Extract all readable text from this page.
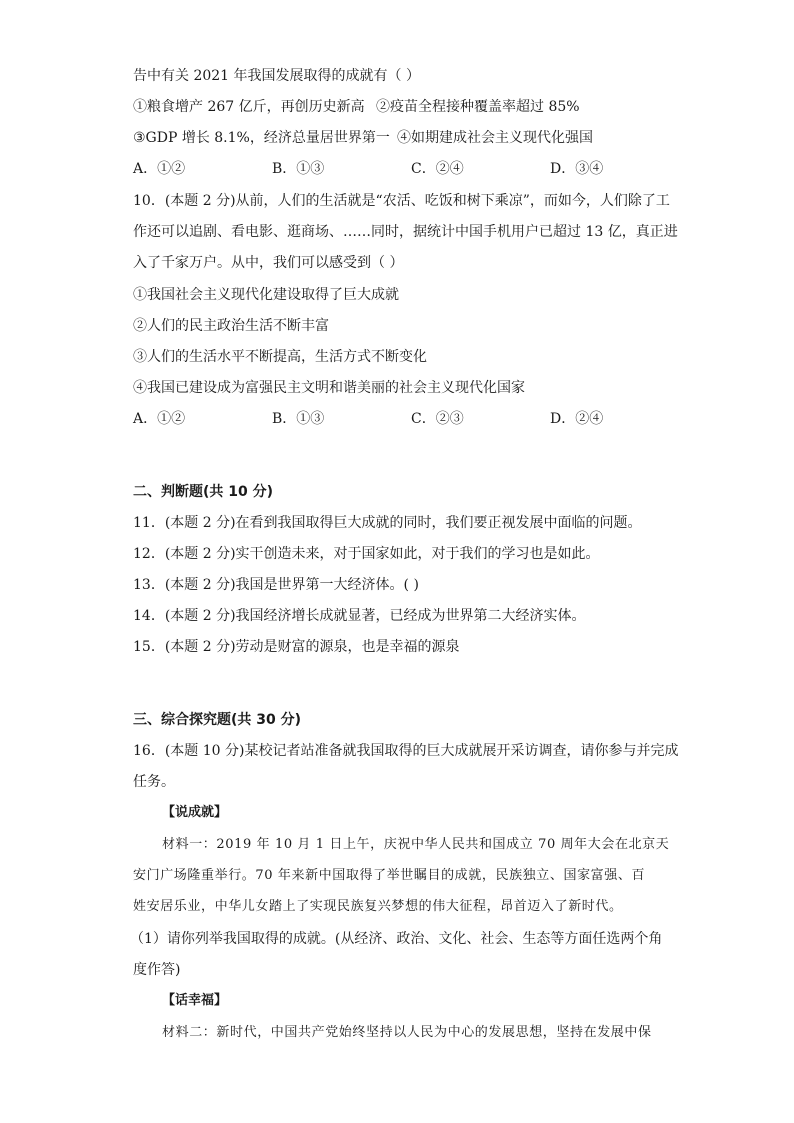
告中有关 2021 年我国发展取得的成就有（ ）
①粮食增产 267 亿斤，再创历史新高 ②疫苗全程接种覆盖率超过 85%
③GDP 增长 8.1%，经济总量居世界第一 ④如期建成社会主义现代化强国
A．①②	B．①③	C．②④	D．③④
10．(本题 2 分)从前，人们的生活就是“农活、吃饭和树下乘凉”，而如今，人们除了工
作还可以追剧、看电影、逛商场、……同时，据统计中国手机用户已超过 13 亿，真正进
入了千家万户。从中，我们可以感受到（ ）
①我国社会主义现代化建设取得了巨大成就
②人们的民主政治生活不断丰富
③人们的生活水平不断提高，生活方式不断变化
④我国已建设成为富强民主文明和谐美丽的社会主义现代化国家
A．①②	B．①③	C．②③	D．②④
二、判断题(共 10 分)
11．(本题 2 分)在看到我国取得巨大成就的同时，我们要正视发展中面临的问题。
12．(本题 2 分)实干创造未来，对于国家如此，对于我们的学习也是如此。
13．(本题 2 分)我国是世界第一大经济体。( )
14．(本题 2 分)我国经济增长成就显著，已经成为世界第二大经济实体。
15．(本题 2 分)劳动是财富的源泉，也是幸福的源泉
三、综合探究题(共 30 分)
16．(本题 10 分)某校记者站准备就我国取得的巨大成就展开采访调查，请你参与并完成
任务。
【说成就】
材料一：2019 年 10 月 1 日上午，庆祝中华人民共和国成立 70 周年大会在北京天
安门广场隆重举行。70 年来新中国取得了举世瞩目的成就，民族独立、国家富强、百
姓安居乐业，中华儿女踏上了实现民族复兴梦想的伟大征程，昂首迈入了新时代。
（1）请你列举我国取得的成就。(从经济、政治、文化、社会、生态等方面任选两个角
度作答)
【话幸福】
材料二：新时代，中国共产党始终坚持以人民为中心的发展思想，坚持在发展中保
